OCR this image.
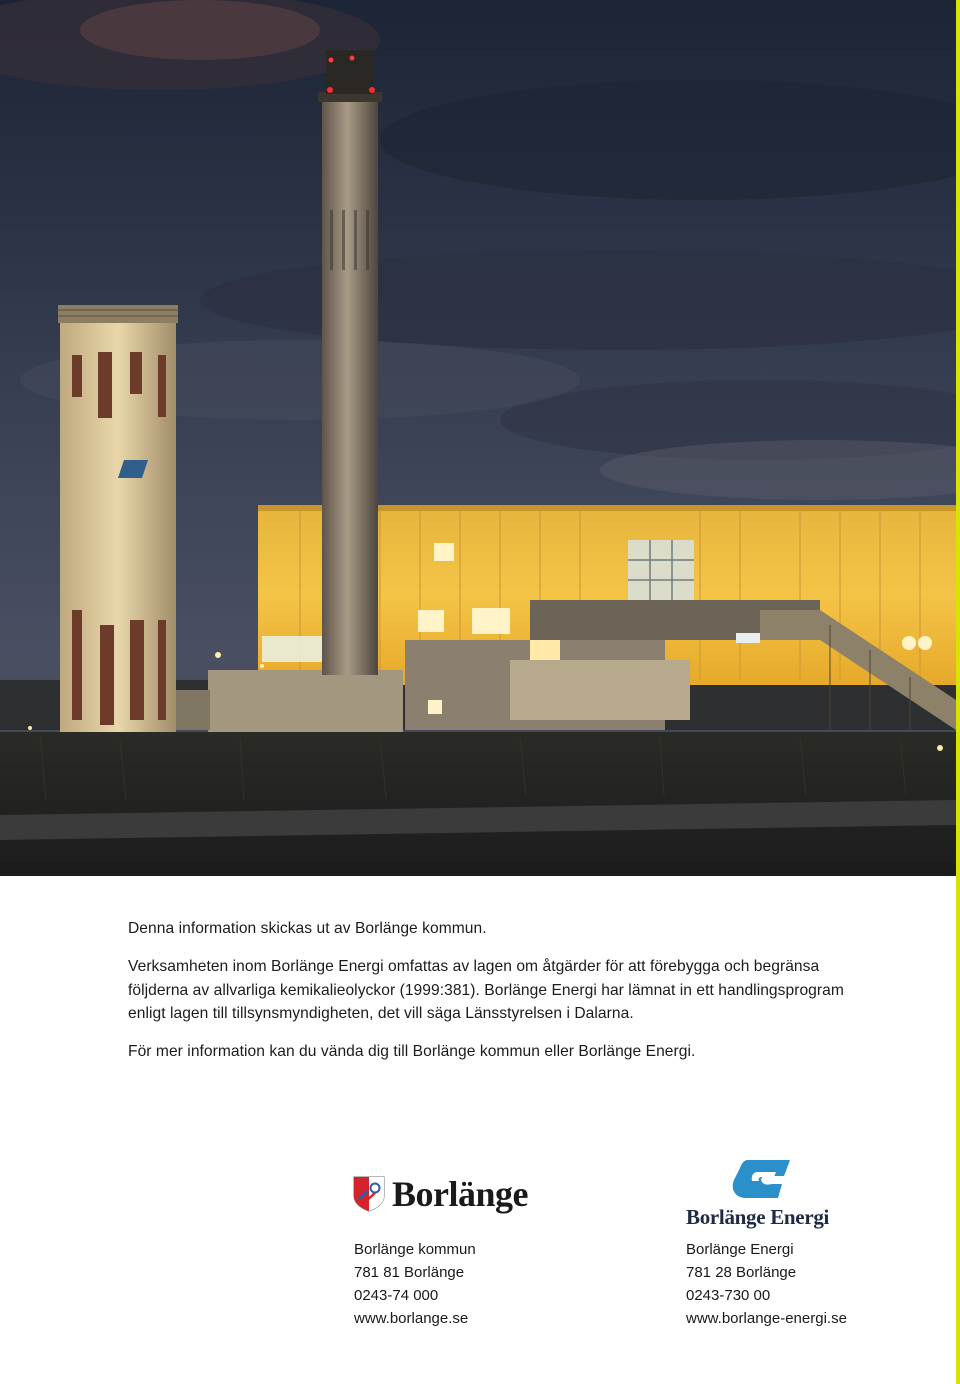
Denna information skickas ut av Borlänge kommun.

Verksamheten inom Borlänge Energi omfattas av lagen om åtgärder för att förebygga och begränsa följderna av allvarliga kemikalieolyckor (1999:381). Borlänge Energi har lämnat in ett handlingsprogram enligt lagen till tillsynsmyndigheten, det vill säga Länsstyrelsen i Dalarna.

För mer information kan du vända dig till Borlänge kommun eller Borlänge Energi.

Borlänge
Borlänge Energi
Borlänge kommun
781 81 Borlänge
0243-74 000
www.borlange.se
Borlänge Energi
781 28 Borlänge
0243-730 00
www.borlange-energi.se
